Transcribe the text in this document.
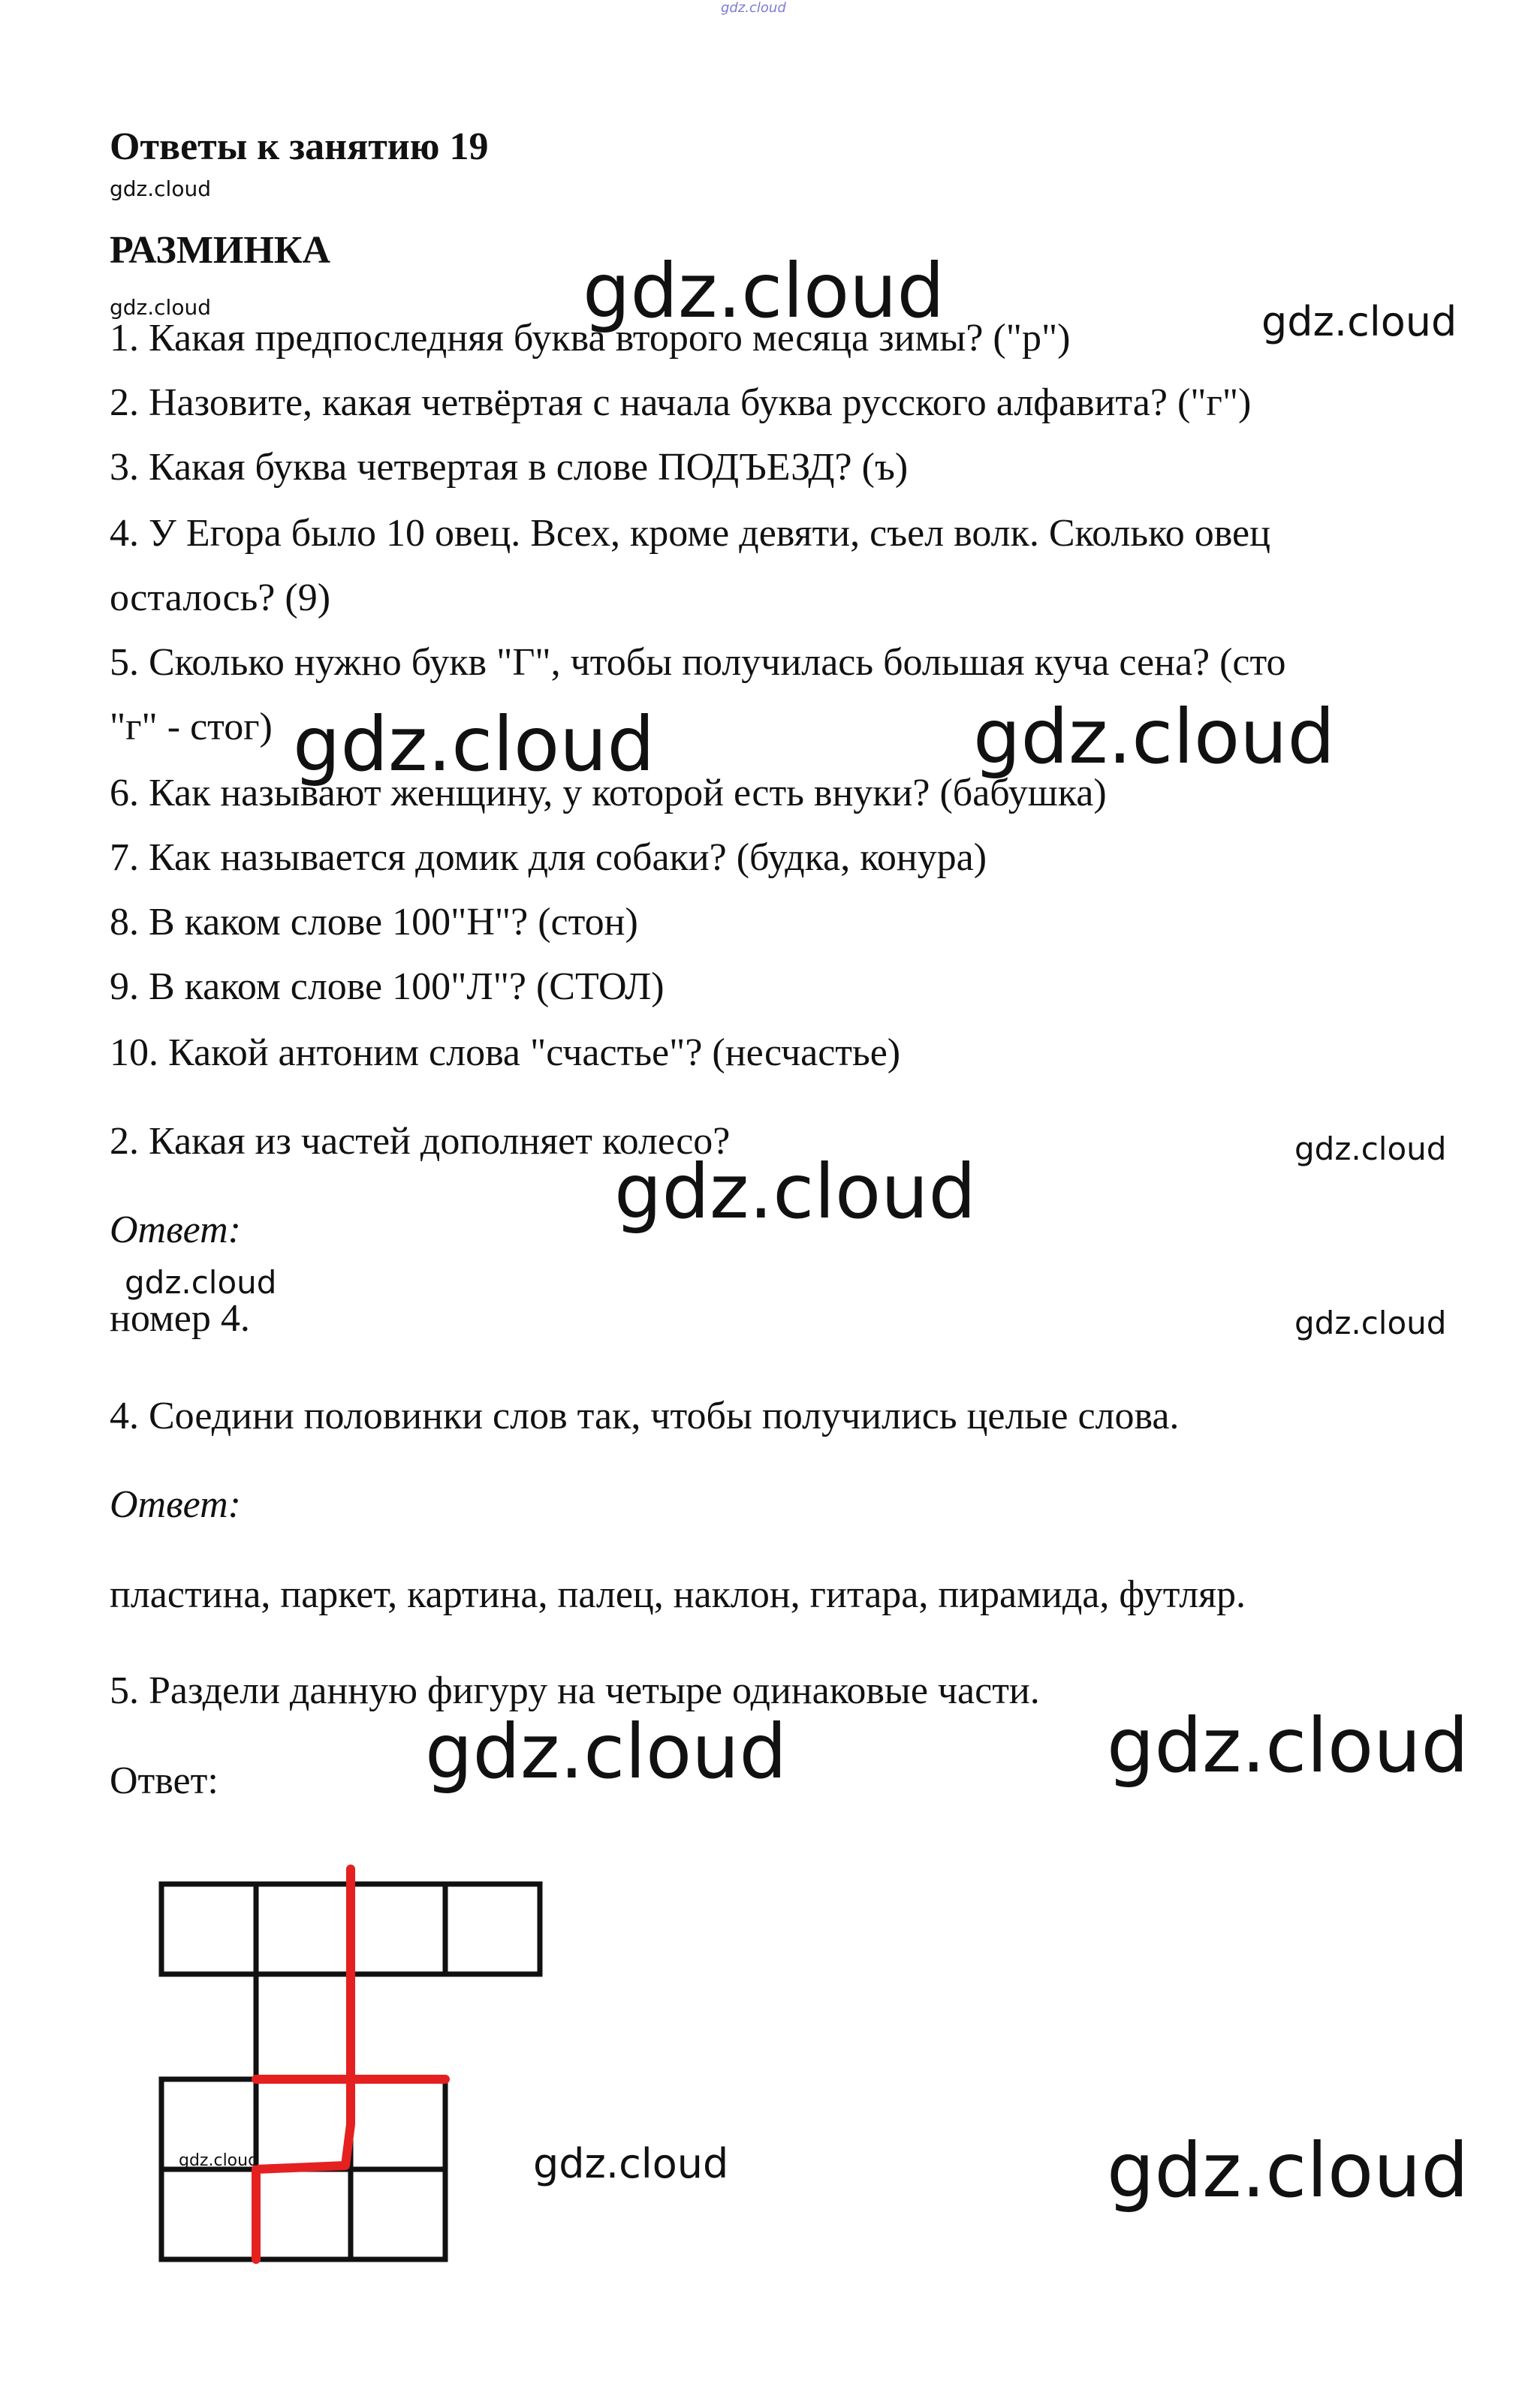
gdz.cloud
gdz.cloud
gdz.cloud
gdz.cloud	gdz.cloud
gdz.cloud	gdz.cloud
gdz.cloud
gdz.cloud
gdz.cloud
gdz.cloud
gdz.cloud	gdz.cloud
gdz.cloud	gdz.cloud
Ответы к занятию 19
РАЗМИНКА
1. Какая предпоследняя буква второго месяца зимы? ("р")
2. Назовите, какая четвёртая с начала буква русского алфавита? ("г")
3. Какая буква четвертая в слове ПОДЪЕЗД? (ъ)
4. У Егора было 10 овец. Всех, кроме девяти, съел волк. Сколько овец
осталось? (9)
5. Сколько нужно букв "Г", чтобы получилась большая куча сена? (сто
"г" - стог)
6. Как называют женщину, у которой есть внуки? (бабушка)
7. Как называется домик для собаки? (будка, конура)
8. В каком слове 100"Н"? (стон)
9. В каком слове 100"Л"? (СТОЛ)
10. Какой антоним слова "счастье"? (несчастье)
2. Какая из частей дополняет колесо?
Ответ:
номер 4.
4. Соедини половинки слов так, чтобы получились целые слова.
Ответ:
пластина, паркет, картина, палец, наклон, гитара, пирамида, футляр.
5. Раздели данную фигуру на четыре одинаковые части.
Ответ:
gdz.cloud
